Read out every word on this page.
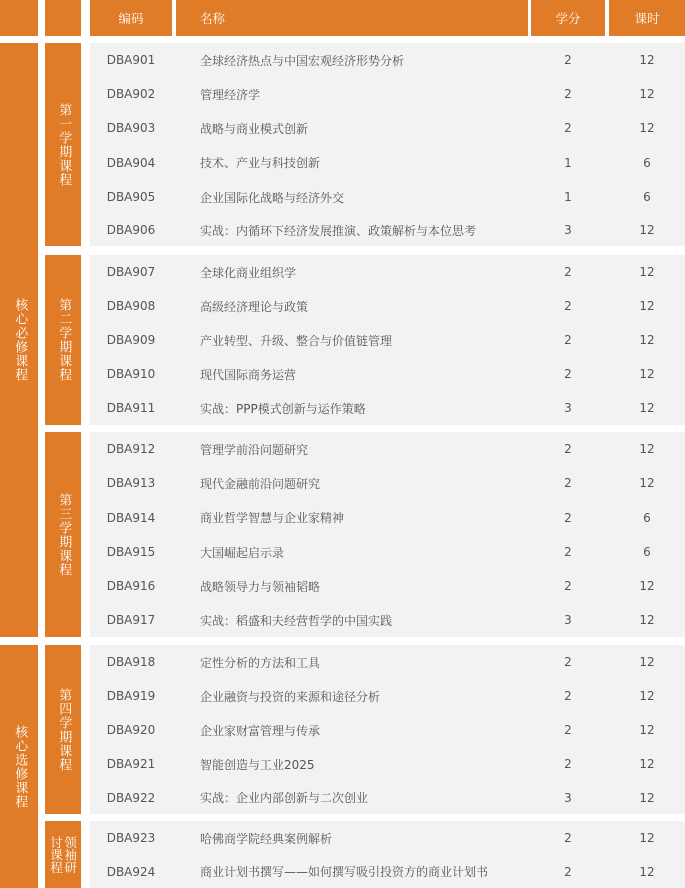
编码	名称	学分	课时
核心必修课程
核心选修课程
第一学期课程
第二学期课程
第三学期课程
第四学期课程
领袖研
讨课程
DBA901	全球经济热点与中国宏观经济形势分析	2	12
DBA902	管理经济学	2	12
DBA903	战略与商业模式创新	2	12
DBA904	技术、产业与科技创新	1	6
DBA905	企业国际化战略与经济外交	1	6
DBA906	实战：内循环下经济发展推演、政策解析与本位思考	3	12
DBA907	全球化商业组织学	2	12
DBA908	高级经济理论与政策	2	12
DBA909	产业转型、升级、整合与价值链管理	2	12
DBA910	现代国际商务运营	2	12
DBA911	实战：PPP模式创新与运作策略	3	12
DBA912	管理学前沿问题研究	2	12
DBA913	现代金融前沿问题研究	2	12
DBA914	商业哲学智慧与企业家精神	2	6
DBA915	大国崛起启示录	2	6
DBA916	战略领导力与领袖韬略	2	12
DBA917	实战：稻盛和夫经营哲学的中国实践	3	12
DBA918	定性分析的方法和工具	2	12
DBA919	企业融资与投资的来源和途径分析	2	12
DBA920	企业家财富管理与传承	2	12
DBA921	智能创造与工业2025	2	12
DBA922	实战：企业内部创新与二次创业	3	12
DBA923	哈佛商学院经典案例解析	2	12
DBA924	商业计划书撰写——如何撰写吸引投资方的商业计划书	2	12
